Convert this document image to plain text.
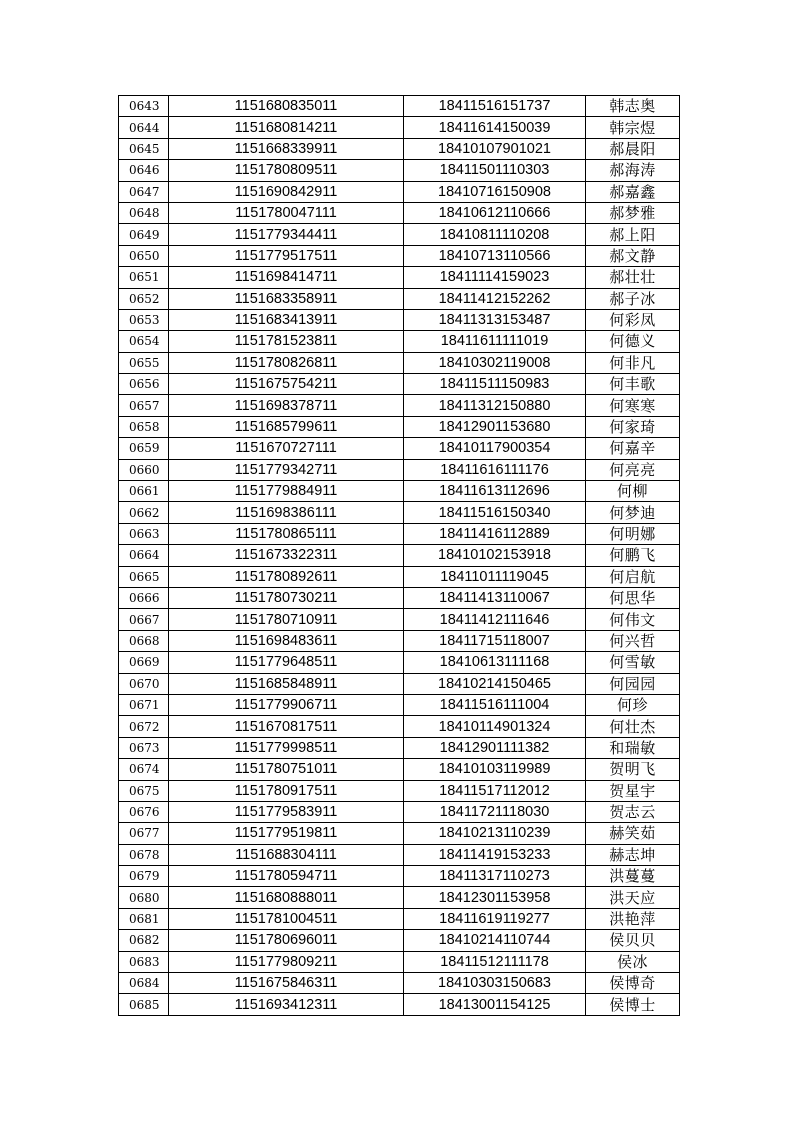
0643	1151680835011	18411516151737	韩志奥
0644	1151680814211	18411614150039	韩宗煜
0645	1151668339911	18410107901021	郝晨阳
0646	1151780809511	18411501110303	郝海涛
0647	1151690842911	18410716150908	郝嘉鑫
0648	1151780047111	18410612110666	郝梦雅
0649	1151779344411	18410811110208	郝上阳
0650	1151779517511	18410713110566	郝文静
0651	1151698414711	18411114159023	郝壮壮
0652	1151683358911	18411412152262	郝子冰
0653	1151683413911	18411313153487	何彩凤
0654	1151781523811	18411611111019	何德义
0655	1151780826811	18410302119008	何非凡
0656	1151675754211	18411511150983	何丰歌
0657	1151698378711	18411312150880	何寒寒
0658	1151685799611	18412901153680	何家琦
0659	1151670727111	18410117900354	何嘉辛
0660	1151779342711	18411616111176	何亮亮
0661	1151779884911	18411613112696	何柳
0662	1151698386111	18411516150340	何梦迪
0663	1151780865111	18411416112889	何明娜
0664	1151673322311	18410102153918	何鹏飞
0665	1151780892611	18411011119045	何启航
0666	1151780730211	18411413110067	何思华
0667	1151780710911	18411412111646	何伟文
0668	1151698483611	18411715118007	何兴哲
0669	1151779648511	18410613111168	何雪敏
0670	1151685848911	18410214150465	何园园
0671	1151779906711	18411516111004	何珍
0672	1151670817511	18410114901324	何壮杰
0673	1151779998511	18412901111382	和瑞敏
0674	1151780751011	18410103119989	贺明飞
0675	1151780917511	18411517112012	贺星宇
0676	1151779583911	18411721118030	贺志云
0677	1151779519811	18410213110239	赫笑茹
0678	1151688304111	18411419153233	赫志坤
0679	1151780594711	18411317110273	洪蔓蔓
0680	1151680888011	18412301153958	洪天应
0681	1151781004511	18411619119277	洪艳萍
0682	1151780696011	18410214110744	侯贝贝
0683	1151779809211	18411512111178	侯冰
0684	1151675846311	18410303150683	侯博奇
0685	1151693412311	18413001154125	侯博士
